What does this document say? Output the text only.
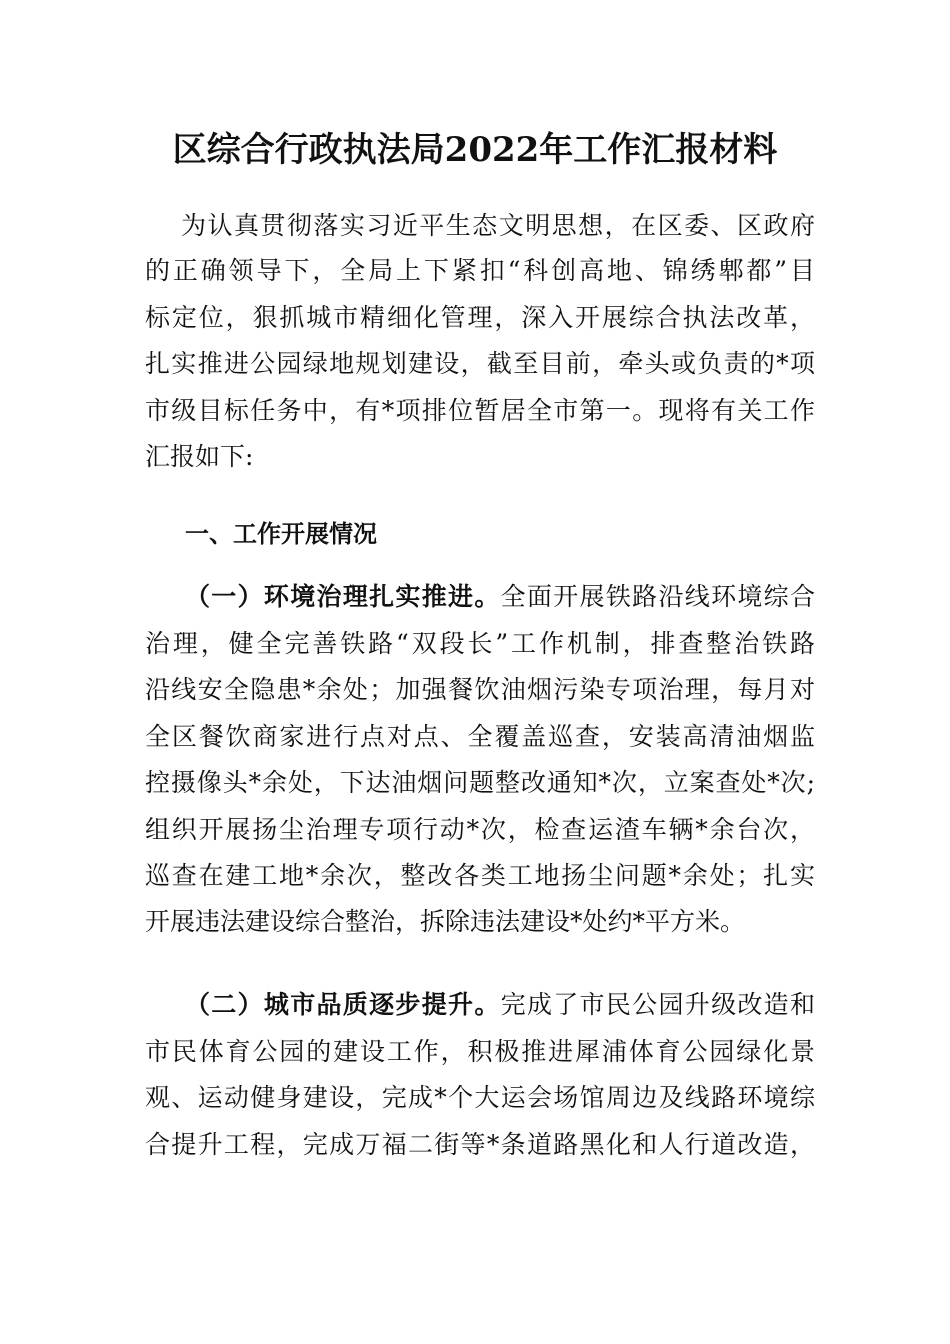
区综合行政执法局2022年工作汇报材料

为认真贯彻落实习近平生态文明思想，在区委、区政府

的正确领导下，全局上下紧扣“科创高地、锦绣郫都”目

标定位，狠抓城市精细化管理，深入开展综合执法改革，

扎实推进公园绿地规划建设，截至目前，牵头或负责的*项

市级目标任务中，有*项排位暂居全市第一。现将有关工作

汇报如下:

一、工作开展情况

（一）环境治理扎实推进。全面开展铁路沿线环境综合

治理，健全完善铁路“双段长”工作机制，排查整治铁路

沿线安全隐患*余处；加强餐饮油烟污染专项治理，每月对

全区餐饮商家进行点对点、全覆盖巡查，安装高清油烟监

控摄像头*余处，下达油烟问题整改通知*次，立案查处*次;

组织开展扬尘治理专项行动*次，检查运渣车辆*余台次，

巡查在建工地*余次，整改各类工地扬尘问题*余处；扎实

开展违法建设综合整治，拆除违法建设*处约*平方米。

（二）城市品质逐步提升。完成了市民公园升级改造和

市民体育公园的建设工作，积极推进犀浦体育公园绿化景

观、运动健身建设，完成*个大运会场馆周边及线路环境综

合提升工程，完成万福二街等*条道路黑化和人行道改造，
